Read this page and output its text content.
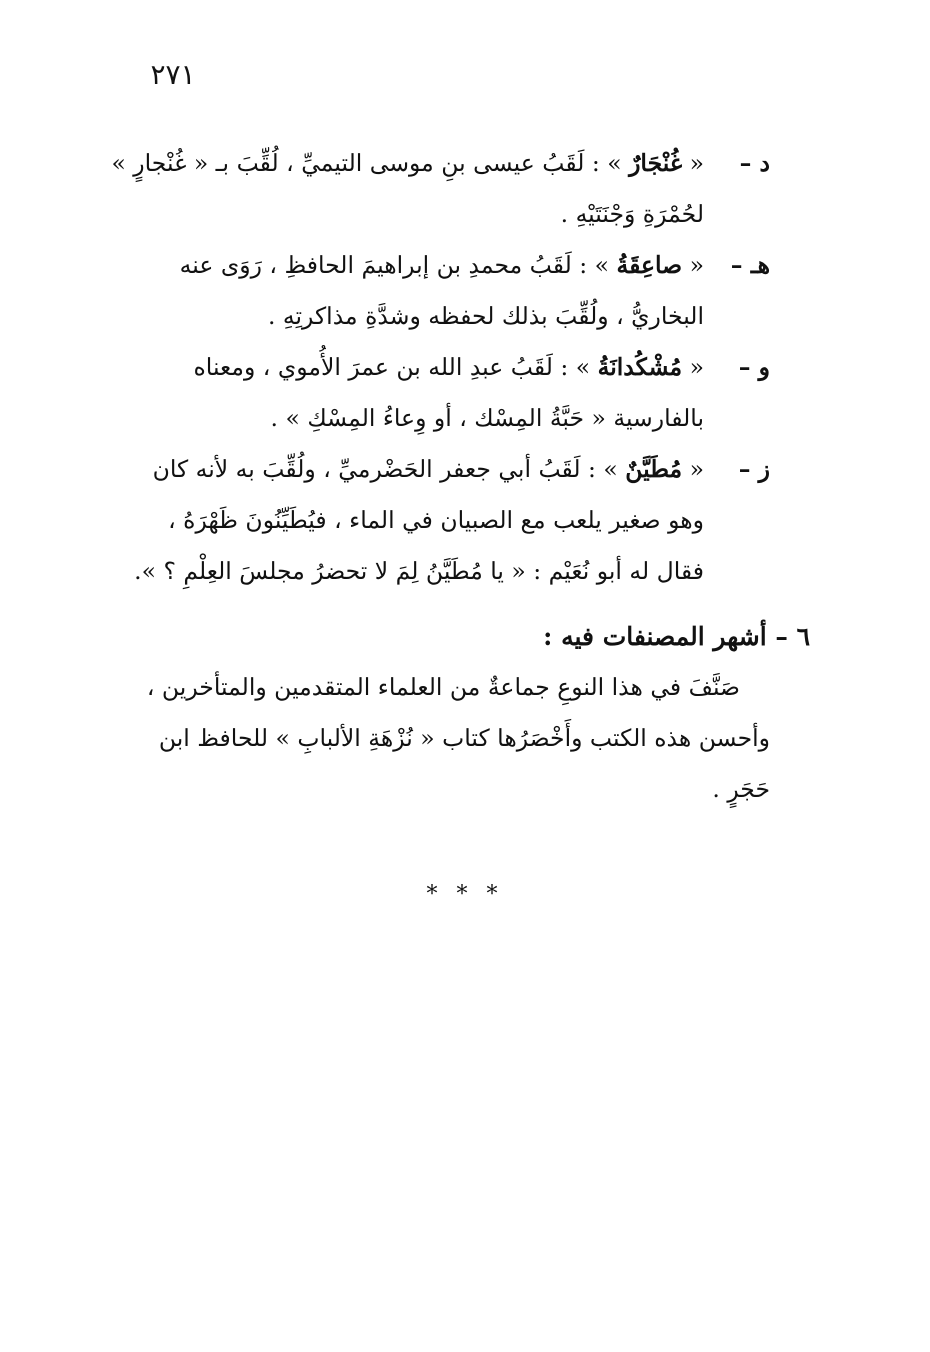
٢٧١
د –« غُنْجَارٌ » : لَقَبُ عيسى بنِ موسى التيميِّ ، لُقِّبَ بـ « غُنْجارٍ »
لحُمْرَةِ وَجْنَتَيْهِ .
هـ –« صاعِقَةُ » : لَقَبُ محمدِ بن إبراهيمَ الحافظِ ، رَوَى عنه
البخاريُّ ، ولُقِّبَ بذلك لحفظه وشدَّةِ مذاكرتِهِ .
و –« مُشْكُدانَةُ » : لَقَبُ عبدِ الله بن عمرَ الأُموي ، ومعناه
بالفارسية « حَبَّةُ المِسْك ، أو وِعاءُ المِسْكِ » .
ز –« مُطَيَّنٌ » : لَقَبُ أبي جعفر الحَضْرميِّ ، ولُقِّبَ به لأنه كان
وهو صغير يلعب مع الصبيان في الماء ، فيُطَيِّنُونَ ظَهْرَهُ ،
فقال له أبو نُعَيْم : « يا مُطَيَّنُ لِمَ لا تحضرُ مجلسَ العِلْمِ ؟ ».
٦ – أشهر المصنفات فيه :
صَنَّفَ في هذا النوعِ جماعةٌ من العلماء المتقدمين والمتأخرين ،
وأحسن هذه الكتب وأَخْصَرُها كتاب « نُزْهَةِ الألبابِ » للحافظ ابن
حَجَرٍ .
* * *
